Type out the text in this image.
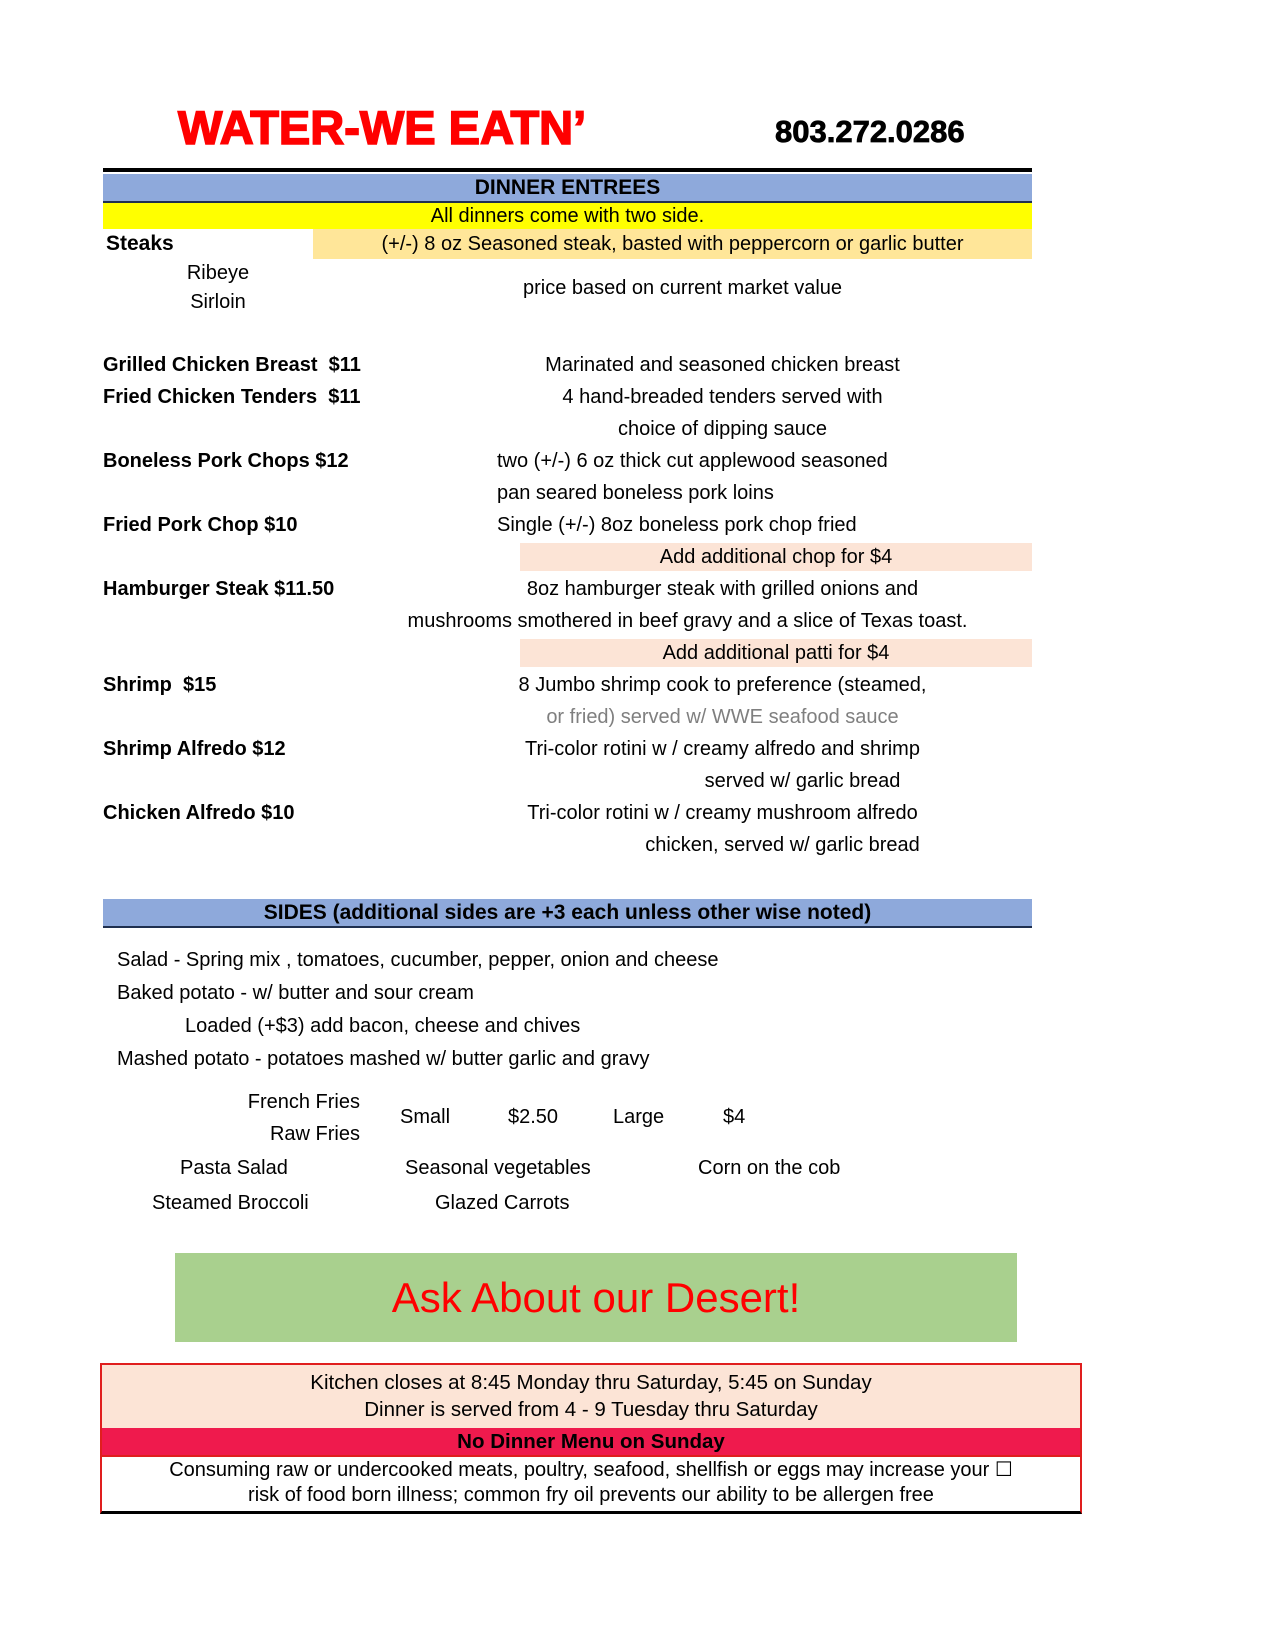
WATER-WE EATN’	803.272.0286
DINNER ENTREES
All dinners come with two side.
Steaks	(+/-) 8 oz Seasoned steak, basted with peppercorn or garlic butter
Ribeye
Sirloin
price based on current market value
Grilled Chicken Breast  $11	Marinated and seasoned chicken breast
Fried Chicken Tenders  $11	4 hand-breaded tenders served with
choice of dipping sauce
Boneless Pork Chops $12	two (+/-) 6 oz thick cut applewood seasoned
pan seared boneless pork loins
Fried Pork Chop $10	Single (+/-) 8oz boneless pork chop fried
Add additional chop for $4
Hamburger Steak $11.50	8oz hamburger steak with grilled onions and
mushrooms smothered in beef gravy and a slice of Texas toast.
Add additional patti for $4
Shrimp  $15	8 Jumbo shrimp cook to preference (steamed,
or fried) served w/ WWE seafood sauce
Shrimp Alfredo $12	Tri-color rotini w / creamy alfredo and shrimp
served w/ garlic bread
Chicken Alfredo $10	Tri-color rotini w / creamy mushroom alfredo
chicken, served w/ garlic bread
SIDES (additional sides are +3 each unless other wise noted)
Salad - Spring mix , tomatoes, cucumber, pepper, onion and cheese
Baked potato - w/ butter and sour cream
Loaded (+$3) add bacon, cheese and chives
Mashed potato - potatoes mashed w/ butter garlic and gravy
French Fries
Raw Fries
Small	$2.50	Large	$4
Pasta Salad	Seasonal vegetables	Corn on the cob
Steamed Broccoli	Glazed Carrots
Ask About our Desert!
Kitchen closes at 8:45 Monday thru Saturday, 5:45 on Sunday
Dinner is served from 4 - 9 Tuesday thru Saturday
No Dinner Menu on Sunday
Consuming raw or undercooked meats, poultry, seafood, shellfish or eggs may increase your ☐
risk of food born illness; common fry oil prevents our ability to be allergen free
